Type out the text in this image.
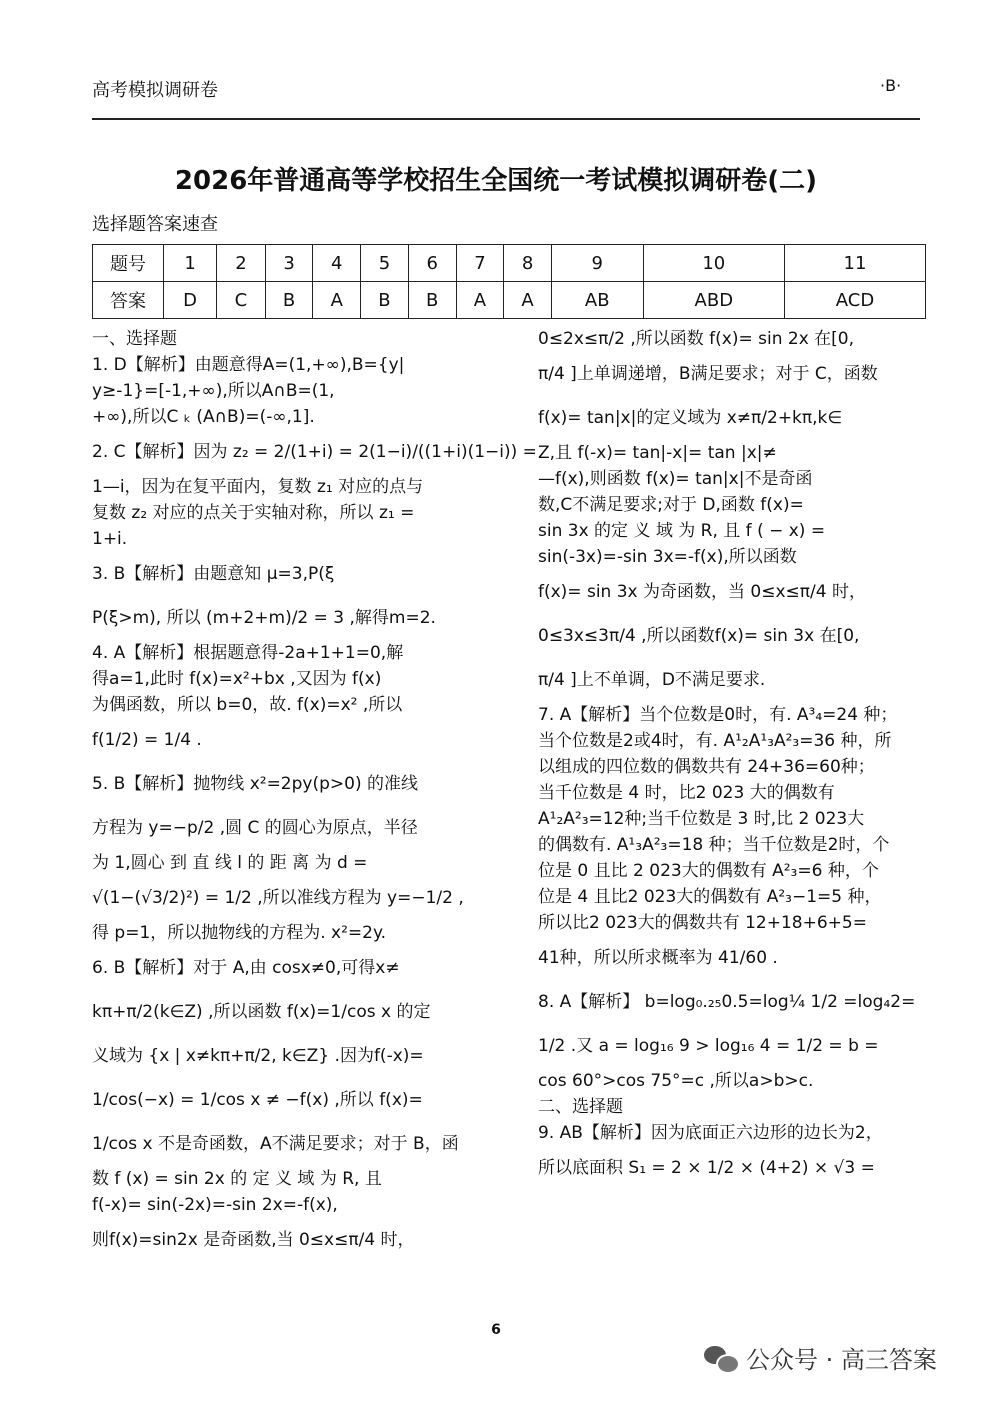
高考模拟调研卷	·B·
2026年普通高等学校招生全国统一考试模拟调研卷(二)
选择题答案速查
题号	1	2	3	4	5	6	7	8	9	10	11
答案	D	C	B	A	B	B	A	A	AB	ABD	ACD
一、选择题
1. D【解析】由题意得A=(1,+∞),B={y|
y≥-1}=[-1,+∞),所以A∩B=(1,
+∞),所以C ₖ (A∩B)=(-∞,1].
2. C【解析】因为 z₂ = 2/(1+i) = 2(1−i)/((1+i)(1−i)) =
1—i，因为在复平面内，复数 z₁ 对应的点与
复数 z₂ 对应的点关于实轴对称，所以 z₁ =
1+i.
3. B【解析】由题意知 μ=3,P(ξ
P(ξ>m), 所以 (m+2+m)/2 = 3 ,解得m=2.
4. A【解析】根据题意得-2a+1+1=0,解
得a=1,此时 f(x)=x²+bx ,又因为 f(x)
为偶函数，所以 b=0，故. f(x)=x² ,所以
f(1/2) = 1/4 .
5. B【解析】抛物线 x²=2py(p>0) 的准线
方程为 y=−p/2 ,圆 C 的圆心为原点，半径
为 1,圆心 到 直 线 l 的 距 离 为 d =
√(1−(√3/2)²) = 1/2 ,所以准线方程为 y=−1/2 ,
得 p=1，所以抛物线的方程为. x²=2y.
6. B【解析】对于 A,由 cosx≠0,可得x≠
kπ+π/2(k∈Z) ,所以函数 f(x)=1/cos x 的定
义域为 {x | x≠kπ+π/2, k∈Z} .因为f(-x)=
1/cos(−x) = 1/cos x ≠ −f(x) ,所以 f(x)=
1/cos x 不是奇函数，A不满足要求；对于 B，函
数 f (x) = sin 2x 的 定 义 域 为 R, 且
f(-x)= sin(-2x)=-sin 2x=-f(x),
则f(x)=sin2x 是奇函数,当 0≤x≤π/4 时，
0≤2x≤π/2 ,所以函数 f(x)= sin 2x 在[0,
π/4 ]上单调递增，B满足要求；对于 C，函数
f(x)= tan|x|的定义域为 x≠π/2+kπ,k∈
Z,且 f(-x)= tan|-x|= tan |x|≠
—f(x),则函数 f(x)= tan|x|不是奇函
数,C不满足要求;对于 D,函数 f(x)=
sin 3x 的定 义 域 为 R, 且 f ( − x) =
sin(-3x)=-sin 3x=-f(x),所以函数
f(x)= sin 3x 为奇函数，当 0≤x≤π/4 时，
0≤3x≤3π/4 ,所以函数f(x)= sin 3x 在[0,
π/4 ]上不单调，D不满足要求.
7. A【解析】当个位数是0时，有. A³₄=24 种；
当个位数是2或4时，有. A¹₂A¹₃A²₃=36 种，所
以组成的四位数的偶数共有 24+36=60种；
当千位数是 4 时，比2 023 大的偶数有
A¹₂A²₃=12种;当千位数是 3 时,比 2 023大
的偶数有. A¹₃A²₃=18 种；当千位数是2时，个
位是 0 且比 2 023大的偶数有 A²₃=6 种，个
位是 4 且比2 023大的偶数有 A²₃−1=5 种，
所以比2 023大的偶数共有 12+18+6+5=
41种，所以所求概率为 41/60 .
8. A【解析】 b=log₀.₂₅0.5=log¼ 1/2 =log₄2=
1/2 .又 a = log₁₆ 9 > log₁₆ 4 = 1/2 = b =
cos 60°>cos 75°=c ,所以a>b>c.
二、选择题
9. AB【解析】因为底面正六边形的边长为2，
所以底面积 S₁ = 2 × 1/2 × (4+2) × √3 =
6
公众号 · 高三答案
